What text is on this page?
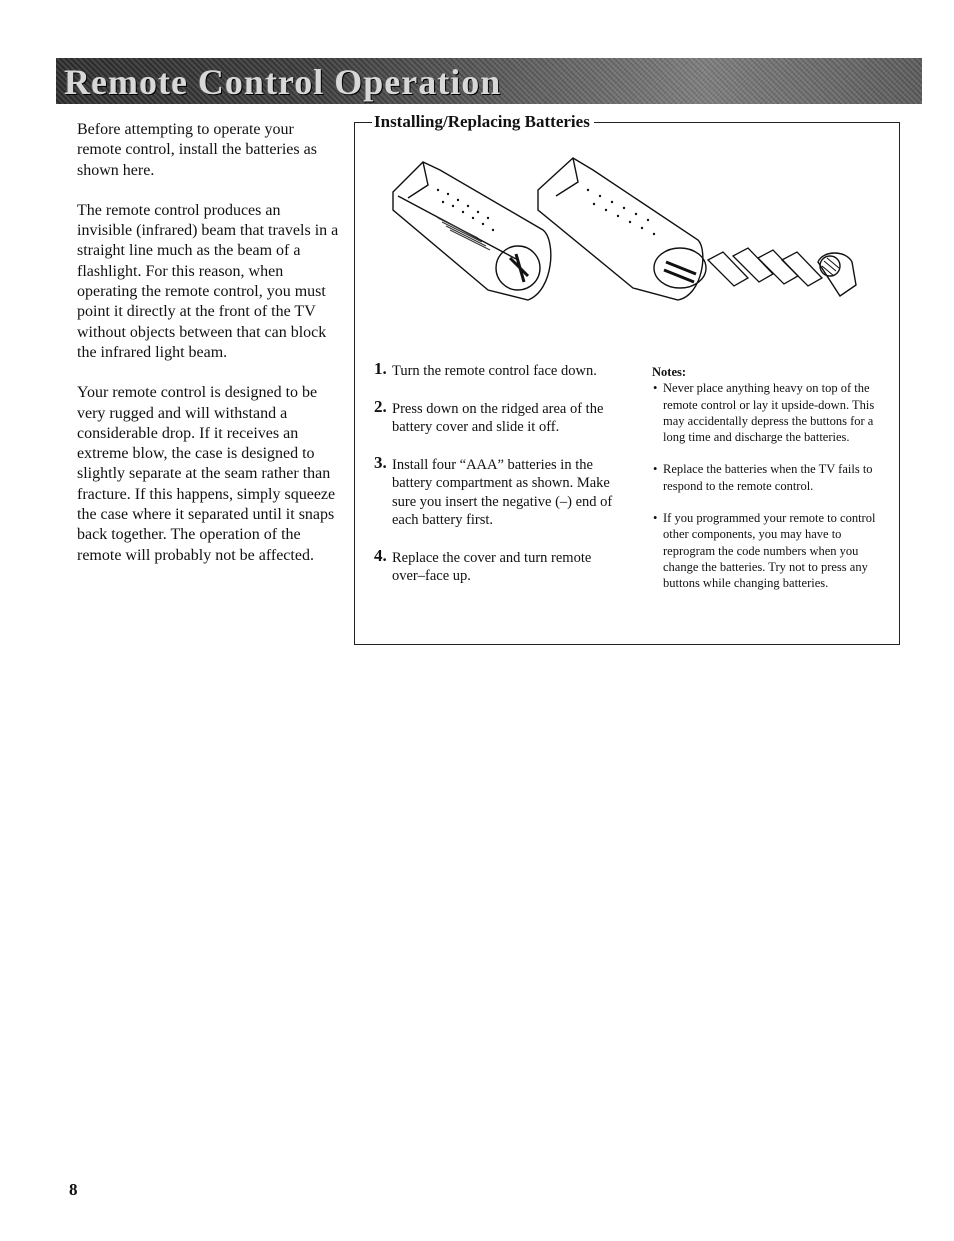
Remote Control Operation

Before attempting to operate your remote control, install the batteries as shown here.

The remote control produces an invisible (infrared) beam that travels in a straight line much as the beam of a flashlight. For this reason, when operating the remote control, you must point it directly at the front of the TV without objects between that can block the infrared light beam.

Your remote control is designed to be very rugged and will withstand a considerable drop. If it receives an extreme blow, the case is designed to slightly separate at the seam rather than fracture. If this happens, simply squeeze the case where it separated until it snaps back together. The operation of the remote will probably not be affected.

Installing/Replacing Batteries
1. Turn the remote control face down.
2. Press down on the ridged area of the battery cover and slide it off.
3. Install four “AAA” batteries in the battery compartment as shown. Make sure you insert the negative (–) end of each battery first.
4. Replace the cover and turn remote over–face up.

Notes:

• Never place anything heavy on top of the remote control or lay it upside-down. This may accidentally depress the buttons for a long time and discharge the batteries.
• Replace the batteries when the TV fails to respond to the remote control.
• If you programmed your remote to control other components, you may have to reprogram the code numbers when you change the batteries. Try not to press any buttons while changing batteries.
8
